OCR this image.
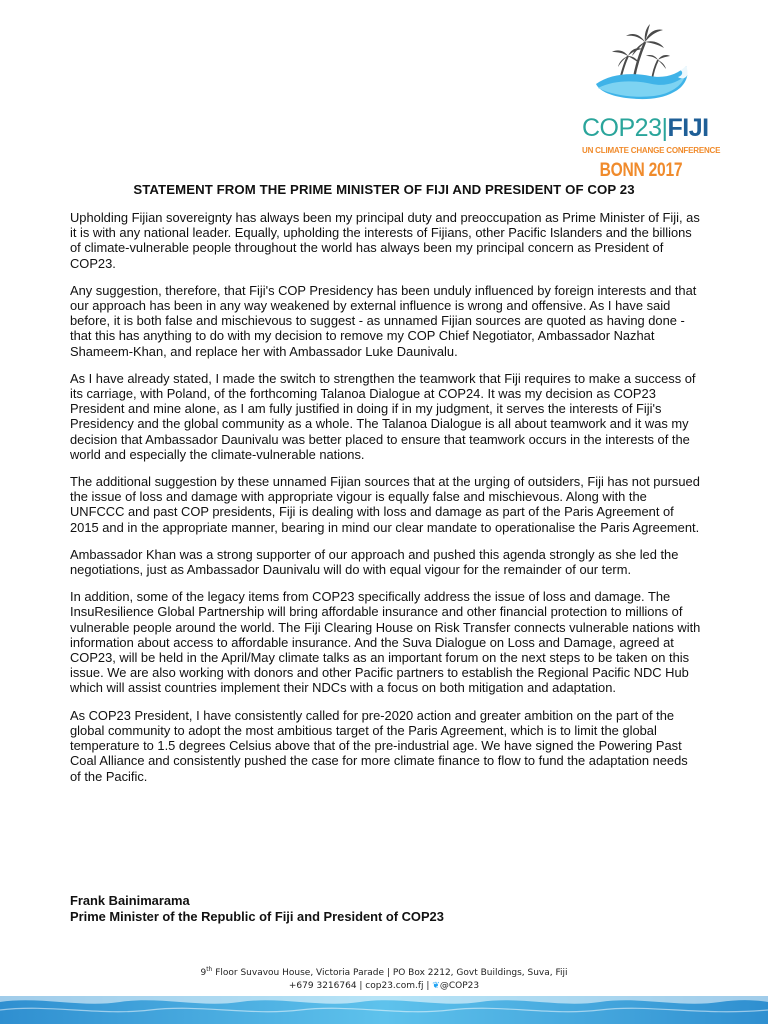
COP23|FIJI
UN CLIMATE CHANGE CONFERENCE
BONN 2017
STATEMENT FROM THE PRIME MINISTER OF FIJI AND PRESIDENT OF COP 23

Upholding Fijian sovereignty has always been my principal duty and preoccupation as Prime Minister of Fiji, as it is with any national leader. Equally, upholding the interests of Fijians, other Pacific Islanders and the billions of climate-vulnerable people throughout the world has always been my principal concern as President of COP23.

Any suggestion, therefore, that Fiji's COP Presidency has been unduly influenced by foreign interests and that our approach has been in any way weakened by external influence is wrong and offensive. As I have said before, it is both false and mischievous to suggest - as unnamed Fijian sources are quoted as having done - that this has anything to do with my decision to remove my COP Chief Negotiator, Ambassador Nazhat Shameem-Khan, and replace her with Ambassador Luke Daunivalu.

As I have already stated, I made the switch to strengthen the teamwork that Fiji requires to make a success of its carriage, with Poland, of the forthcoming Talanoa Dialogue at COP24. It was my decision as COP23 President and mine alone, as I am fully justified in doing if in my judgment, it serves the interests of Fiji's Presidency and the global community as a whole. The Talanoa Dialogue is all about teamwork and it was my decision that Ambassador Daunivalu was better placed to ensure that teamwork occurs in the interests of the world and especially the climate-vulnerable nations.

The additional suggestion by these unnamed Fijian sources that at the urging of outsiders, Fiji has not pursued the issue of loss and damage with appropriate vigour is equally false and mischievous. Along with the UNFCCC and past COP presidents, Fiji is dealing with loss and damage as part of the Paris Agreement of 2015 and in the appropriate manner, bearing in mind our clear mandate to operationalise the Paris Agreement.

Ambassador Khan was a strong supporter of our approach and pushed this agenda strongly as she led the negotiations, just as Ambassador Daunivalu will do with equal vigour for the remainder of our term.

In addition, some of the legacy items from COP23 specifically address the issue of loss and damage. The InsuResilience Global Partnership will bring affordable insurance and other financial protection to millions of vulnerable people around the world. The Fiji Clearing House on Risk Transfer connects vulnerable nations with information about access to affordable insurance. And the Suva Dialogue on Loss and Damage, agreed at COP23, will be held in the April/May climate talks as an important forum on the next steps to be taken on this issue. We are also working with donors and other Pacific partners to establish the Regional Pacific NDC Hub which will assist countries implement their NDCs with a focus on both mitigation and adaptation.

As COP23 President, I have consistently called for pre-2020 action and greater ambition on the part of the global community to adopt the most ambitious target of the Paris Agreement, which is to limit the global temperature to 1.5 degrees Celsius above that of the pre-industrial age. We have signed the Powering Past Coal Alliance and consistently pushed the case for more climate finance to flow to fund the adaptation needs of the Pacific.

Frank Bainimarama
Prime Minister of the Republic of Fiji and President of COP23
9th Floor Suvavou House, Victoria Parade | PO Box 2212, Govt Buildings, Suva, Fiji
+679 3216764 | cop23.com.fj | ❦@COP23
